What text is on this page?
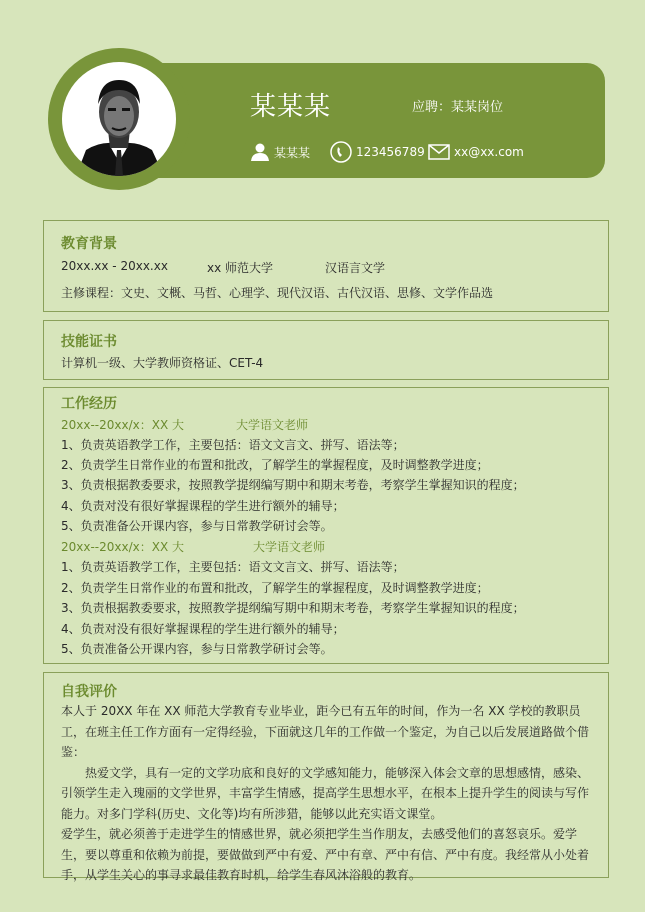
某某某	应聘：某某岗位
某某某	123456789 xx@xx.com
教育背景
20xx.xx - 20xx.xx	xx 师范大学	汉语言文学
主修课程：文史、文概、马哲、心理学、现代汉语、古代汉语、思修、文学作品选
技能证书
计算机一级、大学教师资格证、CET-4
工作经历
20xx--20xx/x：XX 大	大学语文老师
1、负责英语教学工作，主要包括：语文文言文、拼写、语法等；
2、负责学生日常作业的布置和批改，了解学生的掌握程度，及时调整教学进度；
3、负责根据教委要求，按照教学提纲编写期中和期末考卷，考察学生掌握知识的程度；
4、负责对没有很好掌握课程的学生进行额外的辅导；
5、负责准备公开课内容，参与日常教学研讨会等。
20xx--20xx/x：XX 大	大学语文老师
1、负责英语教学工作，主要包括：语文文言文、拼写、语法等；
2、负责学生日常作业的布置和批改，了解学生的掌握程度，及时调整教学进度；
3、负责根据教委要求，按照教学提纲编写期中和期末考卷，考察学生掌握知识的程度；
4、负责对没有很好掌握课程的学生进行额外的辅导；
5、负责准备公开课内容，参与日常教学研讨会等。
自我评价

本人于 20XX 年在 XX 师范大学教育专业毕业，距今已有五年的时间，作为一名 XX 学校的教职员工，在班主任工作方面有一定得经验，下面就这几年的工作做一个鉴定，为自己以后发展道路做个借鉴：

热爱文学，具有一定的文学功底和良好的文学感知能力，能够深入体会文章的思想感情，感染、引领学生走入瑰丽的文学世界，丰富学生情感，提高学生思想水平，在根本上提升学生的阅读与写作能力。对多门学科(历史、文化等)均有所涉猎，能够以此充实语文课堂。

爱学生，就必须善于走进学生的情感世界，就必须把学生当作朋友，去感受他们的喜怒哀乐。爱学生，要以尊重和依赖为前提，要做做到严中有爱、严中有章、严中有信、严中有度。我经常从小处着手，从学生关心的事寻求最佳教育时机，给学生春风沐浴般的教育。
